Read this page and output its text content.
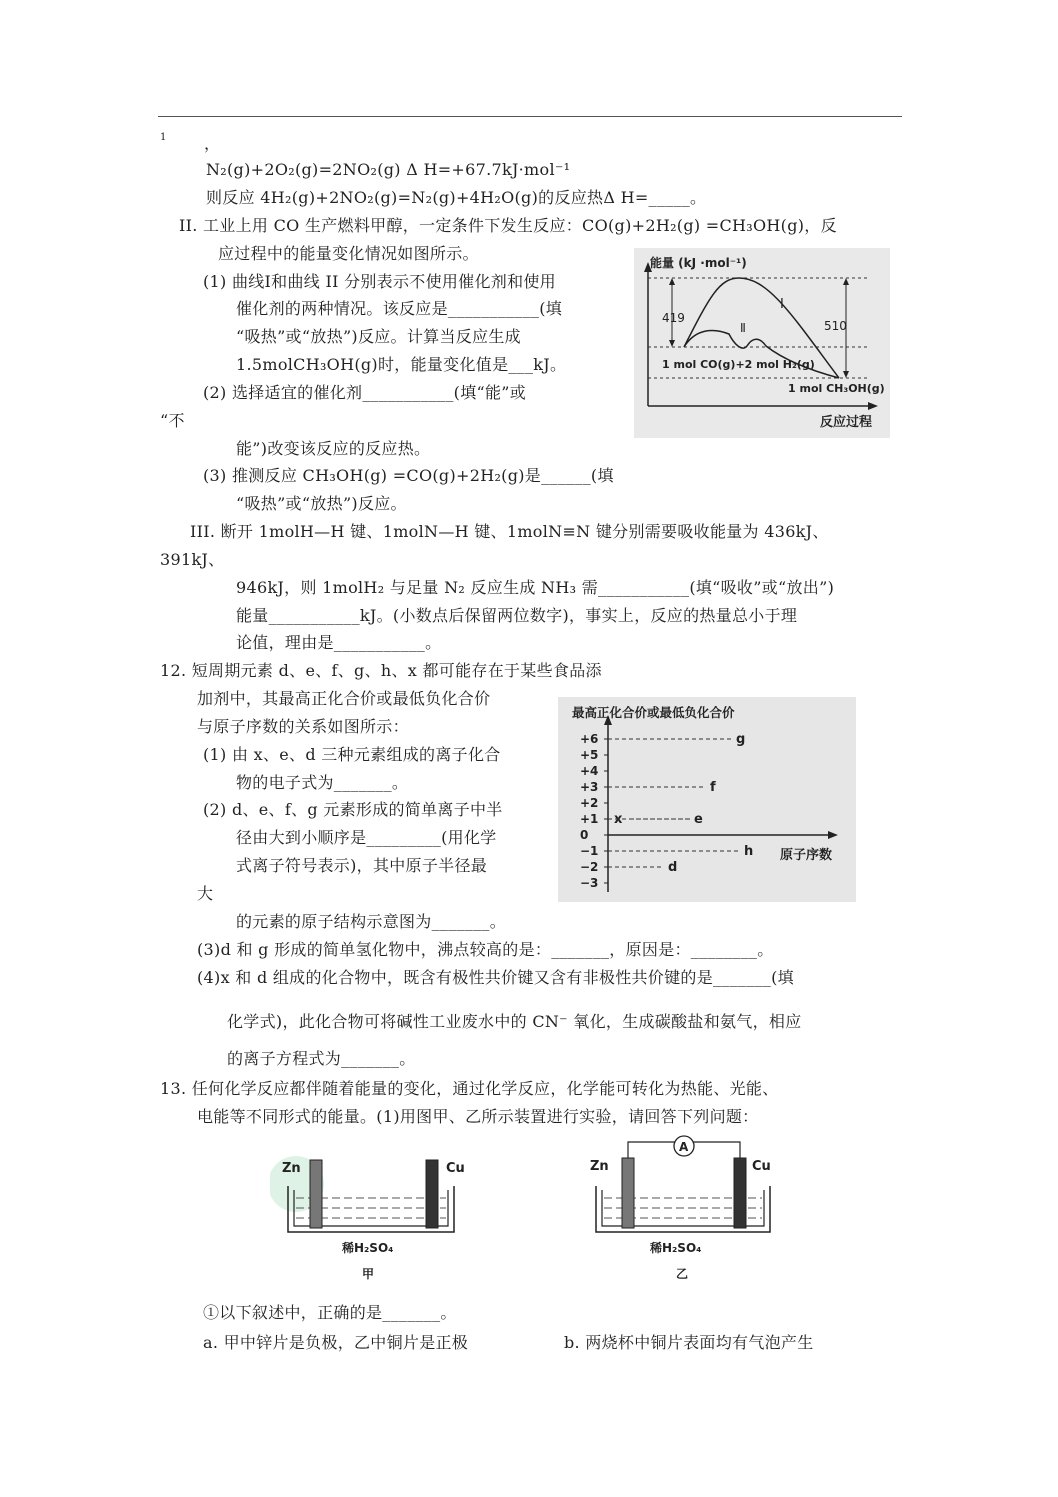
1 ，
N₂(g)+2O₂(g)=2NO₂(g) Δ H=+67.7kJ·mol⁻¹
则反应 4H₂(g)+2NO₂(g)=N₂(g)+4H₂O(g)的反应热Δ H=_____。
II. 工业上用 CO 生产燃料甲醇，一定条件下发生反应：CO(g)+2H₂(g) =CH₃OH(g)，反
应过程中的能量变化情况如图所示。
(1) 曲线Ⅰ和曲线 II 分别表示不使用催化剂和使用
催化剂的两种情况。该反应是___________(填
“吸热”或“放热”)反应。计算当反应生成
1.5molCH₃OH(g)时，能量变化值是___kJ。
(2) 选择适宜的催化剂___________(填“能”或
“不
能”)改变该反应的反应热。
(3) 推测反应 CH₃OH(g) =CO(g)+2H₂(g)是______(填
“吸热”或“放热”)反应。
III. 断开 1molH—H 键、1molN—H 键、1molN≡N 键分别需要吸收能量为 436kJ、
391kJ、
946kJ，则 1molH₂ 与足量 N₂ 反应生成 NH₃ 需___________(填“吸收”或“放出”)
能量___________kJ。(小数点后保留两位数字)，事实上，反应的热量总小于理
论值，理由是___________。
12. 短周期元素 d、e、f、g、h、x 都可能存在于某些食品添
加剂中，其最高正化合价或最低负化合价
与原子序数的关系如图所示：
(1) 由 x、e、d 三种元素组成的离子化合
物的电子式为_______。
(2) d、e、f、g 元素形成的简单离子中半
径由大到小顺序是_________(用化学
式离子符号表示)，其中原子半径最
大
的元素的原子结构示意图为_______。
(3)d 和 g 形成的简单氢化物中，沸点较高的是：_______，原因是：________。
(4)x 和 d 组成的化合物中，既含有极性共价键又含有非极性共价键的是_______(填
化学式)，此化合物可将碱性工业废水中的 CN⁻ 氧化，生成碳酸盐和氨气，相应
的离子方程式为_______。
13. 任何化学反应都伴随着能量的变化，通过化学反应，化学能可转化为热能、光能、
电能等不同形式的能量。(1)用图甲、乙所示装置进行实验，请回答下列问题：
①以下叙述中，正确的是_______。
a. 甲中锌片是负极，乙中铜片是正极	b. 两烧杯中铜片表面均有气泡产生
能量 (kJ ·mol⁻¹)
反应过程
Ⅰ
Ⅱ
419
510
1 mol CO(g)+2 mol H₂(g)
1 mol CH₃OH(g)
最高正化合价或最低负化合价
原子序数
+6
+5
+4
+3
+2
+1
0
−1
−2
−3
x
d
e
f
g
h
Zn	Cu
稀H₂SO₄
甲
A
Zn	Cu
稀H₂SO₄
乙
